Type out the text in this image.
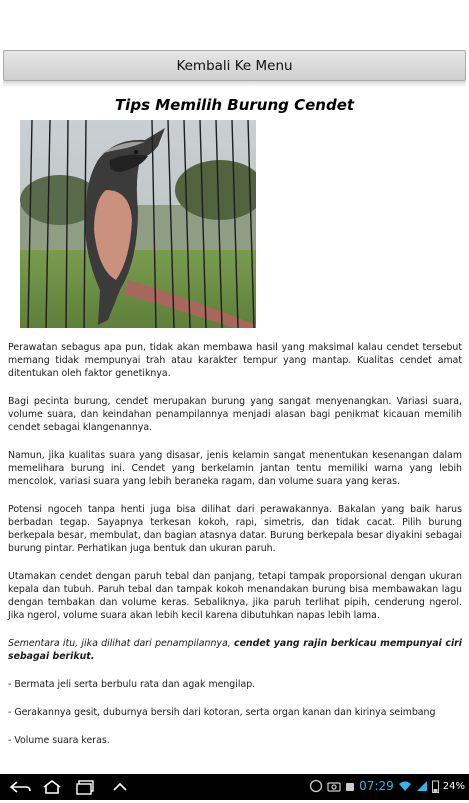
Kembali Ke Menu
Tips Memilih Burung Cendet

Perawatan sebagus apa pun, tidak akan membawa hasil yang maksimal kalau cendet tersebut memang tidak mempunyai trah atau karakter tempur yang mantap. Kualitas cendet amat ditentukan oleh faktor genetiknya.

Bagi pecinta burung, cendet merupakan burung yang sangat menyenangkan. Variasi suara, volume suara, dan keindahan penampilannya menjadi alasan bagi penikmat kicauan memilih cendet sebagai klangenannya.

Namun, jika kualitas suara yang disasar, jenis kelamin sangat menentukan kesenangan dalam memelihara burung ini. Cendet yang berkelamin jantan tentu memiliki warna yang lebih mencolok, variasi suara yang lebih beraneka ragam, dan volume suara yang keras.

Potensi ngoceh tanpa henti juga bisa dilihat dari perawakannya. Bakalan yang baik harus berbadan tegap. Sayapnya terkesan kokoh, rapi, simetris, dan tidak cacat. Pilih burung berkepala besar, membulat, dan bagian atasnya datar. Burung berkepala besar diyakini sebagai burung pintar. Perhatikan juga bentuk dan ukuran paruh.

Utamakan cendet dengan paruh tebal dan panjang, tetapi tampak proporsional dengan ukuran kepala dan tubuh. Paruh tebal dan tampak kokoh menandakan burung bisa membawakan lagu dengan tembakan dan volume keras. Sebaliknya, jika paruh terlihat pipih, cenderung ngerol. Jika ngerol, volume suara akan lebih kecil karena dibutuhkan napas lebih lama.

Sementara itu, jika dilihat dari penampilannya, cendet yang rajin berkicau mempunyai ciri sebagai berikut.

- Bermata jeli serta berbulu rata dan agak mengilap.

- Gerakannya gesit, duburnya bersih dari kotoran, serta organ kanan dan kirinya seimbang

- Volume suara keras.

07:29	24%
